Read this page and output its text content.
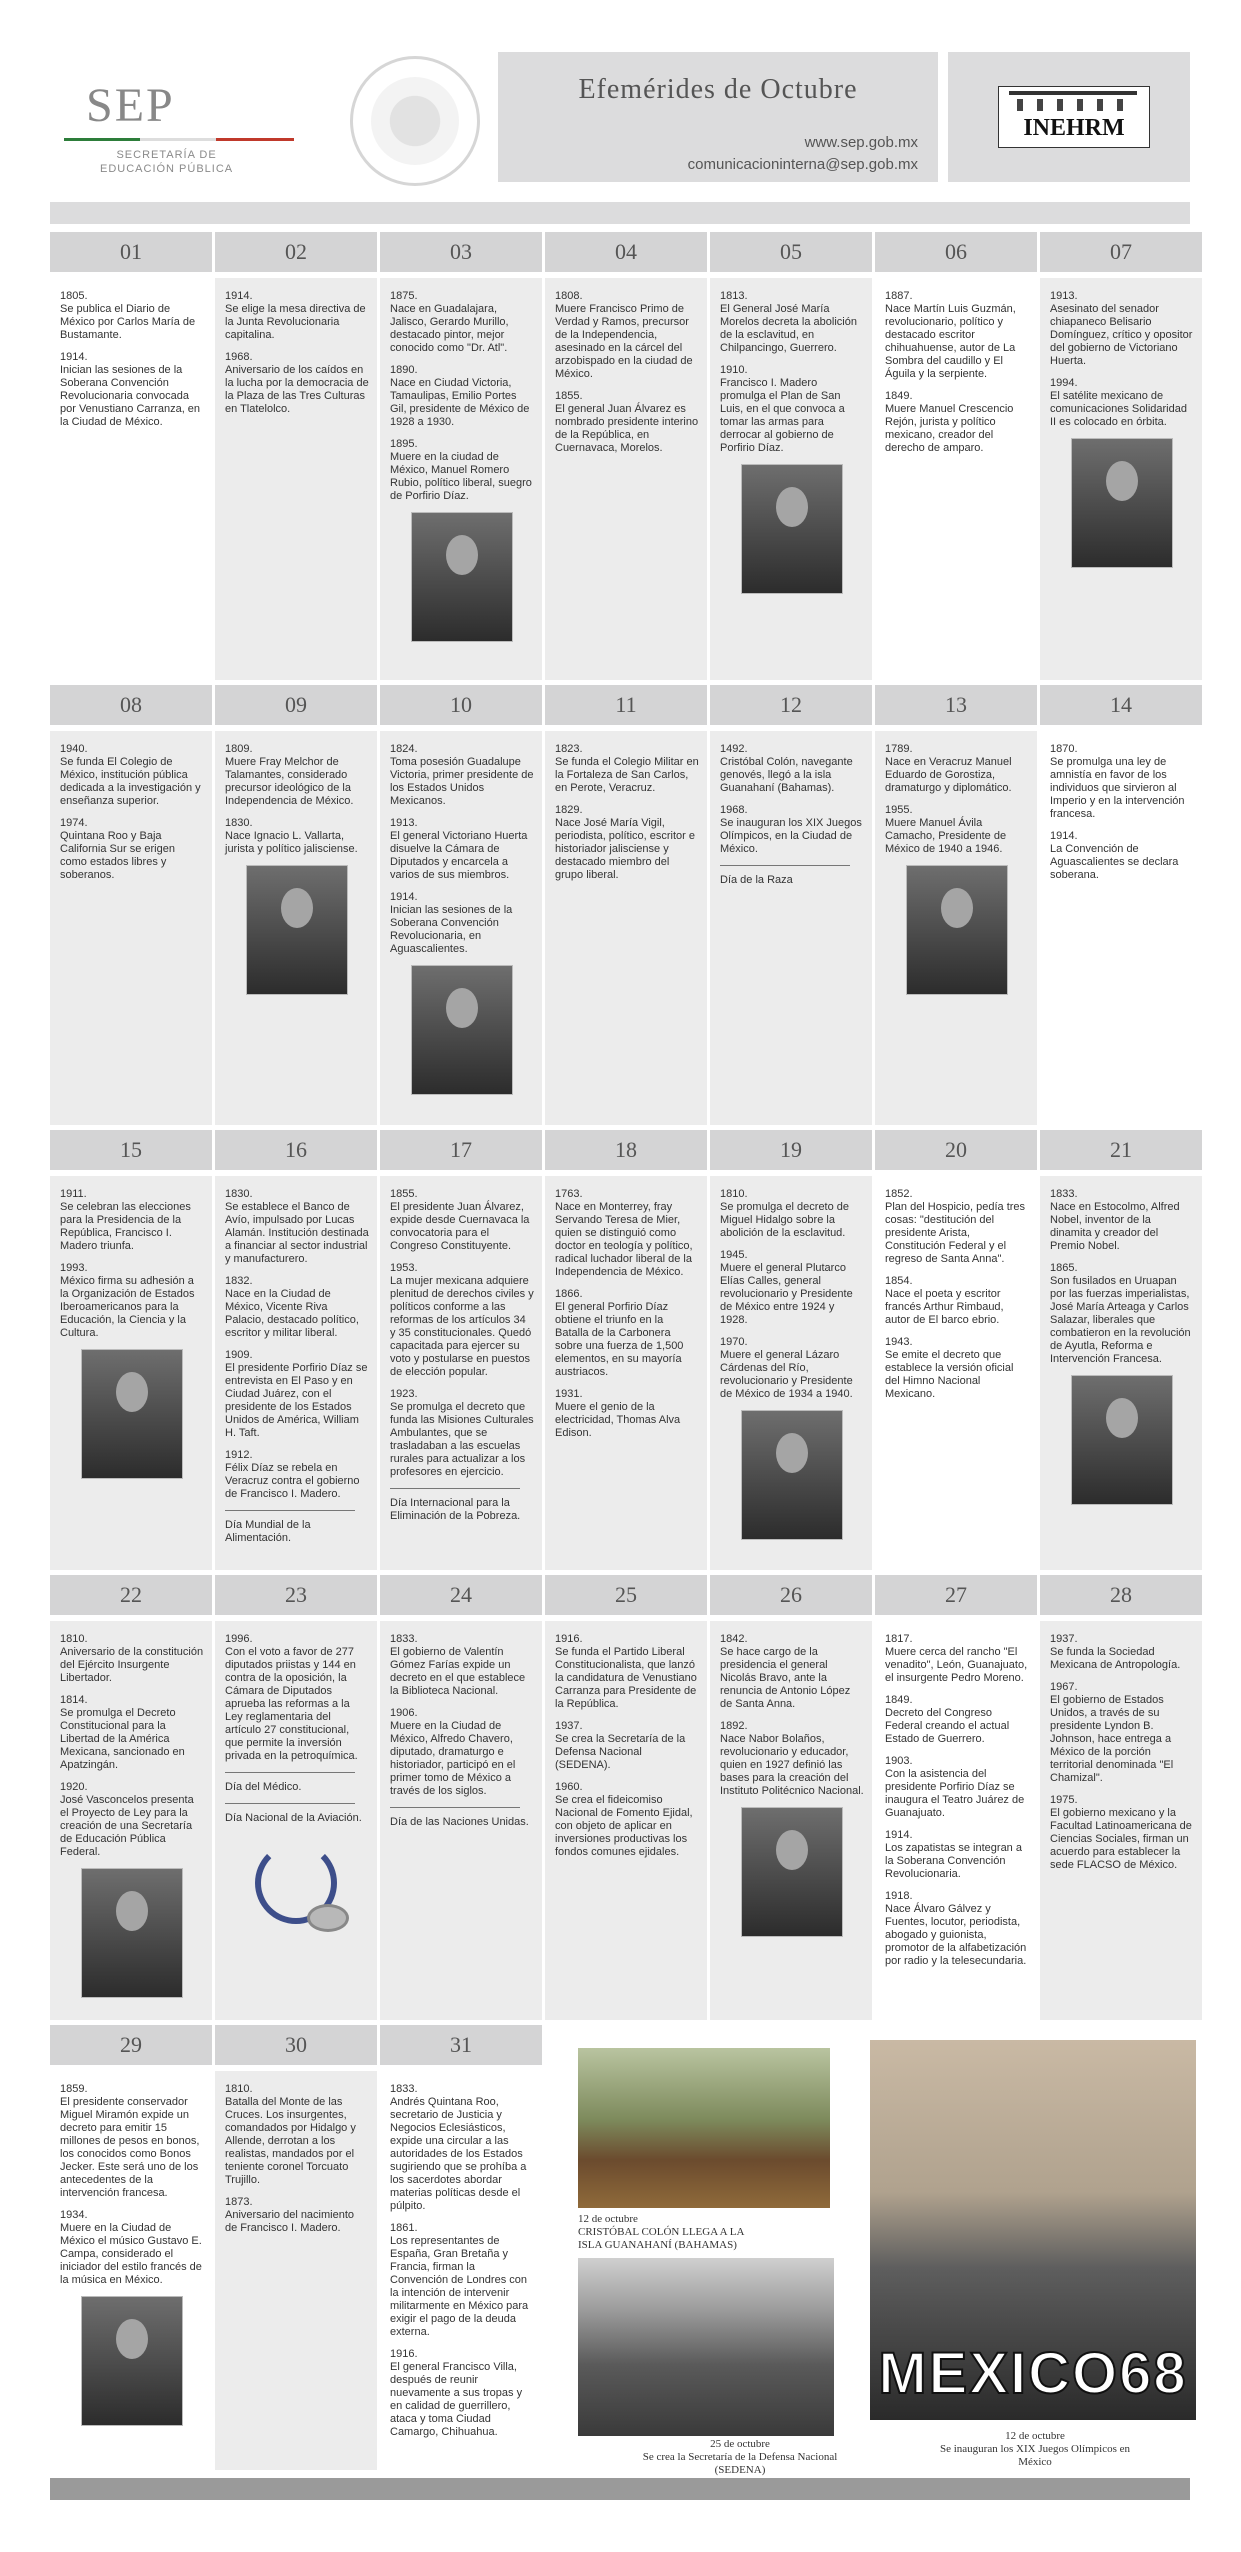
SEP
SECRETARÍA DE
EDUCACIÓN PÚBLICA
Efemérides de Octubre
www.sep.gob.mx
comunicacioninterna@sep.gob.mx
INEHRM
01

1805.
Se publica el Diario de México por Carlos María de Bustamante.

1914.
Inician las sesiones de la Soberana Convención Revolucionaria convocada por Venustiano Carranza, en la Ciudad de México.

02

1914.
Se elige la mesa directiva de la Junta Revolucionaria capitalina.

1968.
Aniversario de los caídos en la lucha por la democracia de la Plaza de las Tres Culturas en Tlatelolco.

03

1875.
Nace en Guadalajara, Jalisco, Gerardo Murillo, destacado pintor, mejor conocido como "Dr. Atl".

1890.
Nace en Ciudad Victoria, Tamaulipas, Emilio Portes Gil, presidente de México de 1928 a 1930.

1895.
Muere en la ciudad de México, Manuel Romero Rubio, político liberal, suegro de Porfirio Díaz.

04

1808.
Muere Francisco Primo de Verdad y Ramos, precursor de la Independencia, asesinado en la cárcel del arzobispado en la ciudad de México.

1855.
El general Juan Álvarez es nombrado presidente interino de la República, en Cuernavaca, Morelos.

05

1813.
El General José María Morelos decreta la abolición de la esclavitud, en Chilpancingo, Guerrero.

1910.
Francisco I. Madero promulga el Plan de San Luis, en el que convoca a tomar las armas para derrocar al gobierno de Porfirio Díaz.

06

1887.
Nace Martín Luis Guzmán, revolucionario, político y destacado escritor chihuahuense, autor de La Sombra del caudillo y El Águila y la serpiente.

1849.
Muere Manuel Crescencio Rejón, jurista y político mexicano, creador del derecho de amparo.

07

1913.
Asesinato del senador chiapaneco Belisario Domínguez, crítico y opositor del gobierno de Victoriano Huerta.

1994.
El satélite mexicano de comunicaciones Solidaridad II es colocado en órbita.

08

1940.
Se funda El Colegio de México, institución pública dedicada a la investigación y enseñanza superior.

1974.
Quintana Roo y Baja California Sur se erigen como estados libres y soberanos.

09

1809.
Muere Fray Melchor de Talamantes, considerado precursor ideológico de la Independencia de México.

1830.
Nace Ignacio L. Vallarta, jurista y político jalisciense.

10

1824.
Toma posesión Guadalupe Victoria, primer presidente de los Estados Unidos Mexicanos.

1913.
El general Victoriano Huerta disuelve la Cámara de Diputados y encarcela a varios de sus miembros.

1914.
Inician las sesiones de la Soberana Convención Revolucionaria, en Aguascalientes.

11

1823.
Se funda el Colegio Militar en la Fortaleza de San Carlos, en Perote, Veracruz.

1829.
Nace José María Vigil, periodista, político, escritor e historiador jalisciense y destacado miembro del grupo liberal.

12

1492.
Cristóbal Colón, navegante genovés, llegó a la isla Guanahaní (Bahamas).

1968.
Se inauguran los XIX Juegos Olímpicos, en la Ciudad de México.

Día de la Raza

13

1789.
Nace en Veracruz Manuel Eduardo de Gorostiza, dramaturgo y diplomático.

1955.
Muere Manuel Ávila Camacho, Presidente de México de 1940 a 1946.

14

1870.
Se promulga una ley de amnistía en favor de los individuos que sirvieron al Imperio y en la intervención francesa.

1914.
La Convención de Aguascalientes se declara soberana.

15

1911.
Se celebran las elecciones para la Presidencia de la República, Francisco I. Madero triunfa.

1993.
México firma su adhesión a la Organización de Estados Iberoamericanos para la Educación, la Ciencia y la Cultura.

16

1830.
Se establece el Banco de Avío, impulsado por Lucas Alamán. Institución destinada a financiar al sector industrial y manufacturero.

1832.
Nace en la Ciudad de México, Vicente Riva Palacio, destacado político, escritor y militar liberal.

1909.
El presidente Porfirio Díaz se entrevista en El Paso y en Ciudad Juárez, con el presidente de los Estados Unidos de América, William H. Taft.

1912.
Félix Díaz se rebela en Veracruz contra el gobierno de Francisco I. Madero.

Día Mundial de la Alimentación.

17

1855.
El presidente Juan Álvarez, expide desde Cuernavaca la convocatoria para el Congreso Constituyente.

1953.
La mujer mexicana adquiere plenitud de derechos civiles y políticos conforme a las reformas de los artículos 34 y 35 constitucionales. Quedó capacitada para ejercer su voto y postularse en puestos de elección popular.

1923.
Se promulga el decreto que funda las Misiones Culturales Ambulantes, que se trasladaban a las escuelas rurales para actualizar a los profesores en ejercicio.

Día Internacional para la Eliminación de la Pobreza.

18

1763.
Nace en Monterrey, fray Servando Teresa de Mier, quien se distinguió como doctor en teología y político, radical luchador liberal de la Independencia de México.

1866.
El general Porfirio Díaz obtiene el triunfo en la Batalla de la Carbonera sobre una fuerza de 1,500 elementos, en su mayoría austriacos.

1931.
Muere el genio de la electricidad, Thomas Alva Edison.

19

1810.
Se promulga el decreto de Miguel Hidalgo sobre la abolición de la esclavitud.

1945.
Muere el general Plutarco Elías Calles, general revolucionario y Presidente de México entre 1924 y 1928.

1970.
Muere el general Lázaro Cárdenas del Río, revolucionario y Presidente de México de 1934 a 1940.

20

1852.
Plan del Hospicio, pedía tres cosas: "destitución del presidente Arista, Constitución Federal y el regreso de Santa Anna".

1854.
Nace el poeta y escritor francés Arthur Rimbaud, autor de El barco ebrio.

1943.
Se emite el decreto que establece la versión oficial del Himno Nacional Mexicano.

21

1833.
Nace en Estocolmo, Alfred Nobel, inventor de la dinamita y creador del Premio Nobel.

1865.
Son fusilados en Uruapan por las fuerzas imperialistas, José María Arteaga y Carlos Salazar, liberales que combatieron en la revolución de Ayutla, Reforma e Intervención Francesa.

22

1810.
Aniversario de la constitución del Ejército Insurgente Libertador.

1814.
Se promulga el Decreto Constitucional para la Libertad de la América Mexicana, sancionado en Apatzingán.

1920.
José Vasconcelos presenta el Proyecto de Ley para la creación de una Secretaría de Educación Pública Federal.

23

1996.
Con el voto a favor de 277 diputados priistas y 144 en contra de la oposición, la Cámara de Diputados aprueba las reformas a la Ley reglamentaria del artículo 27 constitucional, que permite la inversión privada en la petroquímica.

Día del Médico.

Día Nacional de la Aviación.

24

1833.
El gobierno de Valentín Gómez Farías expide un decreto en el que establece la Biblioteca Nacional.

1906.
Muere en la Ciudad de México, Alfredo Chavero, diputado, dramaturgo e historiador, participó en el primer tomo de México a través de los siglos.

Día de las Naciones Unidas.

25

1916.
Se funda el Partido Liberal Constitucionalista, que lanzó la candidatura de Venustiano Carranza para Presidente de la República.

1937.
Se crea la Secretaría de la Defensa Nacional (SEDENA).

1960.
Se crea el fideicomiso Nacional de Fomento Ejidal, con objeto de aplicar en inversiones productivas los fondos comunes ejidales.

26

1842.
Se hace cargo de la presidencia el general Nicolás Bravo, ante la renuncia de Antonio López de Santa Anna.

1892.
Nace Nabor Bolaños, revolucionario y educador, quien en 1927 definió las bases para la creación del Instituto Politécnico Nacional.

27

1817.
Muere cerca del rancho "El venadito", León, Guanajuato, el insurgente Pedro Moreno.

1849.
Decreto del Congreso Federal creando el actual Estado de Guerrero.

1903.
Con la asistencia del presidente Porfirio Díaz se inaugura el Teatro Juárez de Guanajuato.

1914.
Los zapatistas se integran a la Soberana Convención Revolucionaria.

1918.
Nace Álvaro Gálvez y Fuentes, locutor, periodista, abogado y guionista, promotor de la alfabetización por radio y la telesecundaria.

28

1937.
Se funda la Sociedad Mexicana de Antropología.

1967.
El gobierno de Estados Unidos, a través de su presidente Lyndon B. Johnson, hace entrega a México de la porción territorial denominada "El Chamizal".

1975.
El gobierno mexicano y la Facultad Latinoamericana de Ciencias Sociales, firman un acuerdo para establecer la sede FLACSO de México.

29

1859.
El presidente conservador Miguel Miramón expide un decreto para emitir 15 millones de pesos en bonos, los conocidos como Bonos Jecker. Este será uno de los antecedentes de la intervención francesa.

1934.
Muere en la Ciudad de México el músico Gustavo E. Campa, considerado el iniciador del estilo francés de la música en México.

30

1810.
Batalla del Monte de las Cruces. Los insurgentes, comandados por Hidalgo y Allende, derrotan a los realistas, mandados por el teniente coronel Torcuato Trujillo.

1873.
Aniversario del nacimiento de Francisco I. Madero.

31

1833.
Andrés Quintana Roo, secretario de Justicia y Negocios Eclesiásticos, expide una circular a las autoridades de los Estados sugiriendo que se prohíba a los sacerdotes abordar materias políticas desde el púlpito.

1861.
Los representantes de España, Gran Bretaña y Francia, firman la Convención de Londres con la intención de intervenir militarmente en México para exigir el pago de la deuda externa.

1916.
El general Francisco Villa, después de reunir nuevamente a sus tropas y en calidad de guerrillero, ataca y toma Ciudad Camargo, Chihuahua.

12 de octubre
CRISTÓBAL COLÓN LLEGA A LA ISLA GUANAHANÍ (BAHAMAS)
25 de octubre
Se crea la Secretaría de la Defensa Nacional (SEDENA)
MEXICO68
12 de octubre
Se inauguran los XIX Juegos Olímpicos en México
